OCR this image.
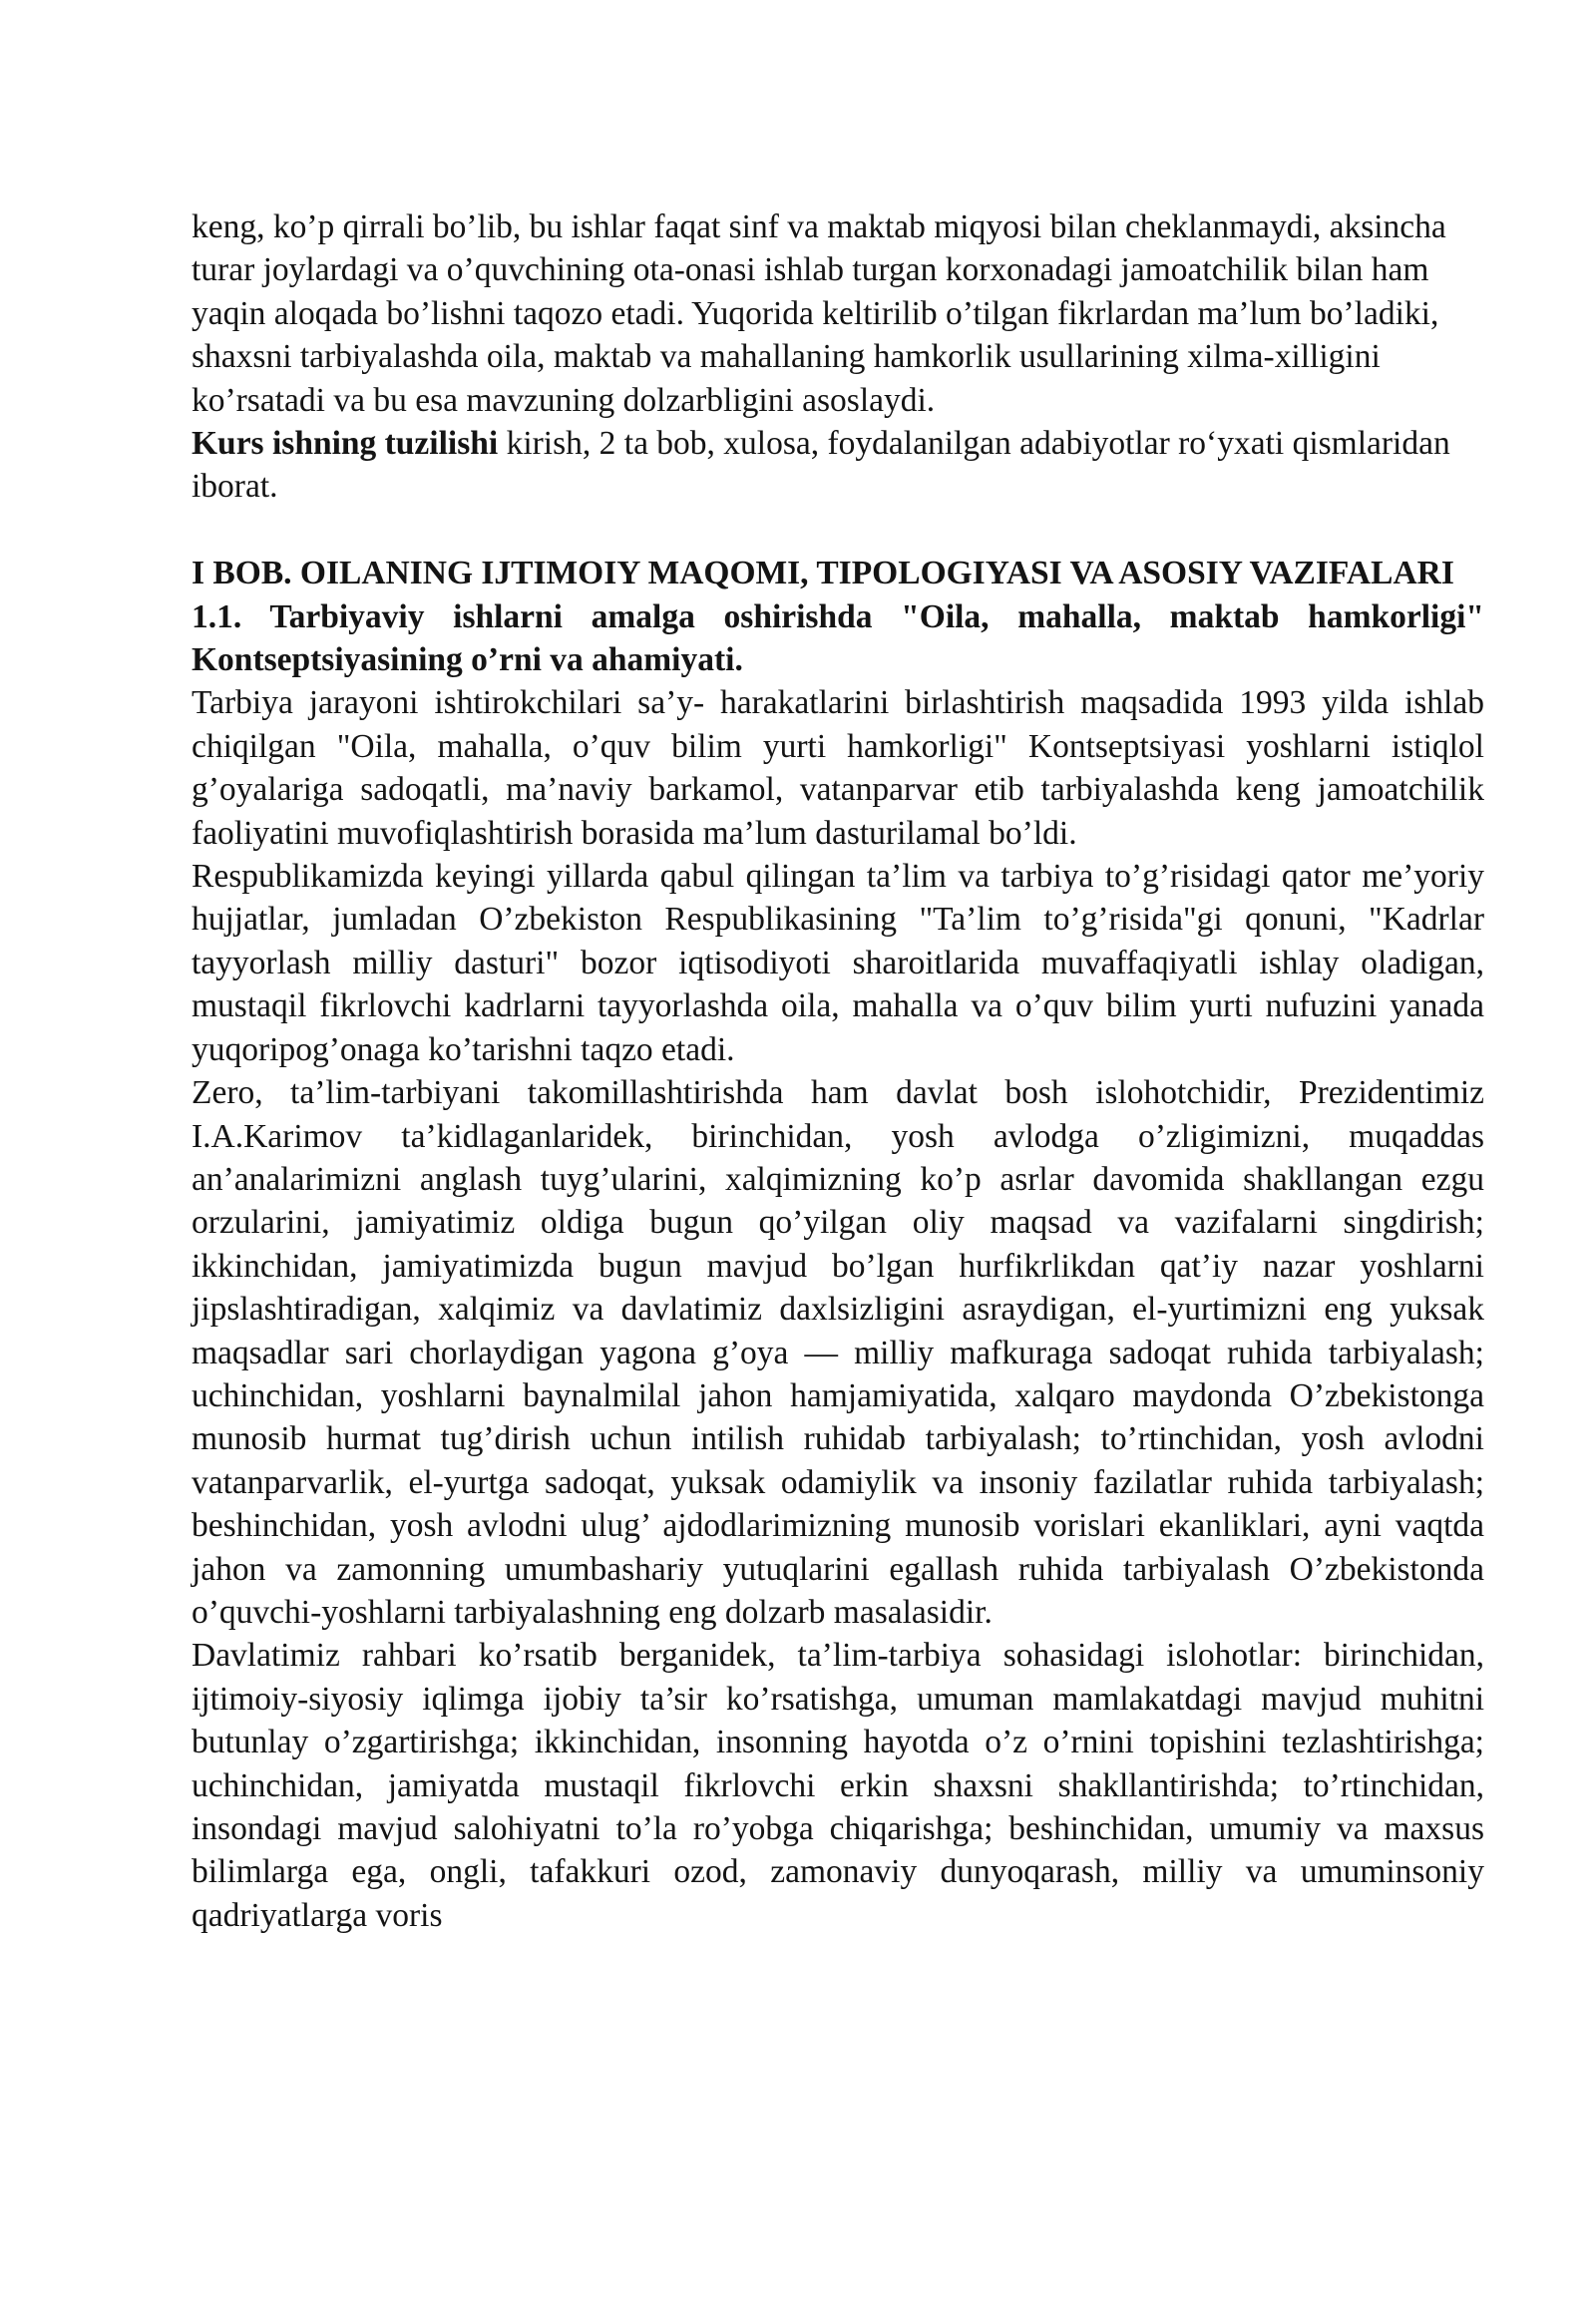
keng, ko’p qirrali bo’lib, bu ishlar faqat sinf va maktab miqyosi bilan cheklanmaydi, aksincha turar joylardagi va o’quvchining ota-onasi ishlab turgan korxonadagi jamoatchilik bilan ham yaqin aloqada bo’lishni taqozo etadi. Yuqorida keltirilib o’tilgan fikrlardan ma’lum bo’ladiki, shaxsni tarbiyalashda oila, maktab va mahallaning hamkorlik usullarining xilma-xilligini ko’rsatadi va bu esa mavzuning dolzarbligini asoslaydi.

Kurs ishning tuzilishi kirish, 2 ta bob, xulosa, foydalanilgan adabiyotlar ro‘yxati qismlaridan iborat.

I BOB. OILANING IJTIMOIY MAQOMI, TIPOLOGIYASI VA ASOSIY VAZIFALARI

1.1. Tarbiyaviy ishlarni amalga oshirishda "Oila, mahalla, maktab hamkorligi" Kontseptsiyasining o’rni va ahamiyati.

Tarbiya jarayoni ishtirokchilari sa’y- harakatlarini birlashtirish maqsadida 1993 yilda ishlab chiqilgan "Oila, mahalla, o’quv bilim yurti hamkorligi" Kontseptsiyasi yoshlarni istiqlol g’oyalariga sadoqatli, ma’naviy barkamol, vatanparvar etib tarbiyalashda keng jamoatchilik faoliyatini muvofiqlashtirish borasida ma’lum dasturilamal bo’ldi.

Respublikamizda keyingi yillarda qabul qilingan ta’lim va tarbiya to’g’risidagi qator me’yoriy hujjatlar, jumladan O’zbekiston Respublikasining "Ta’lim to’g’risida"gi qonuni, "Kadrlar tayyorlash milliy dasturi" bozor iqtisodiyoti sharoitlarida muvaffaqiyatli ishlay oladigan, mustaqil fikrlovchi kadrlarni tayyorlashda oila, mahalla va o’quv bilim yurti nufuzini yanada yuqoripog’onaga ko’tarishni taqzo etadi.

Zero, ta’lim-tarbiyani takomillashtirishda ham davlat bosh islohotchidir, Prezidentimiz I.A.Karimov ta’kidlaganlaridek, birinchidan, yosh avlodga o’zligimizni, muqaddas an’analarimizni anglash tuyg’ularini, xalqimizning ko’p asrlar davomida shakllangan ezgu orzularini, jamiyatimiz oldiga bugun qo’yilgan oliy maqsad va vazifalarni singdirish; ikkinchidan, jamiyatimizda bugun mavjud bo’lgan hurfikrlikdan qat’iy nazar yoshlarni jipslashtiradigan, xalqimiz va davlatimiz daxlsizligini asraydigan, el-yurtimizni eng yuksak maqsadlar sari chorlaydigan yagona g’oya — milliy mafkuraga sadoqat ruhida tarbiyalash; uchinchidan, yoshlarni baynalmilal jahon hamjamiyatida, xalqaro maydonda O’zbekistonga munosib hurmat tug’dirish uchun intilish ruhidab tarbiyalash; to’rtinchidan, yosh avlodni vatanparvarlik, el-yurtga sadoqat, yuksak odamiylik va insoniy fazilatlar ruhida tarbiyalash; beshinchidan, yosh avlodni ulug’ ajdodlarimizning munosib vorislari ekanliklari, ayni vaqtda jahon va zamonning umumbashariy yutuqlarini egallash ruhida tarbiyalash O’zbekistonda o’quvchi-yoshlarni tarbiyalashning eng dolzarb masalasidir.

Davlatimiz rahbari ko’rsatib berganidek, ta’lim-tarbiya sohasidagi islohotlar: birinchidan, ijtimoiy-siyosiy iqlimga ijobiy ta’sir ko’rsatishga, umuman mamlakatdagi mavjud muhitni butunlay o’zgartirishga; ikkinchidan, insonning hayotda o’z o’rnini topishini tezlashtirishga; uchinchidan, jamiyatda mustaqil fikrlovchi erkin shaxsni shakllantirishda; to’rtinchidan, insondagi mavjud salohiyatni to’la ro’yobga chiqarishga; beshinchidan, umumiy va maxsus bilimlarga ega, ongli, tafakkuri ozod, zamonaviy dunyoqarash, milliy va umuminsoniy qadriyatlarga voris
